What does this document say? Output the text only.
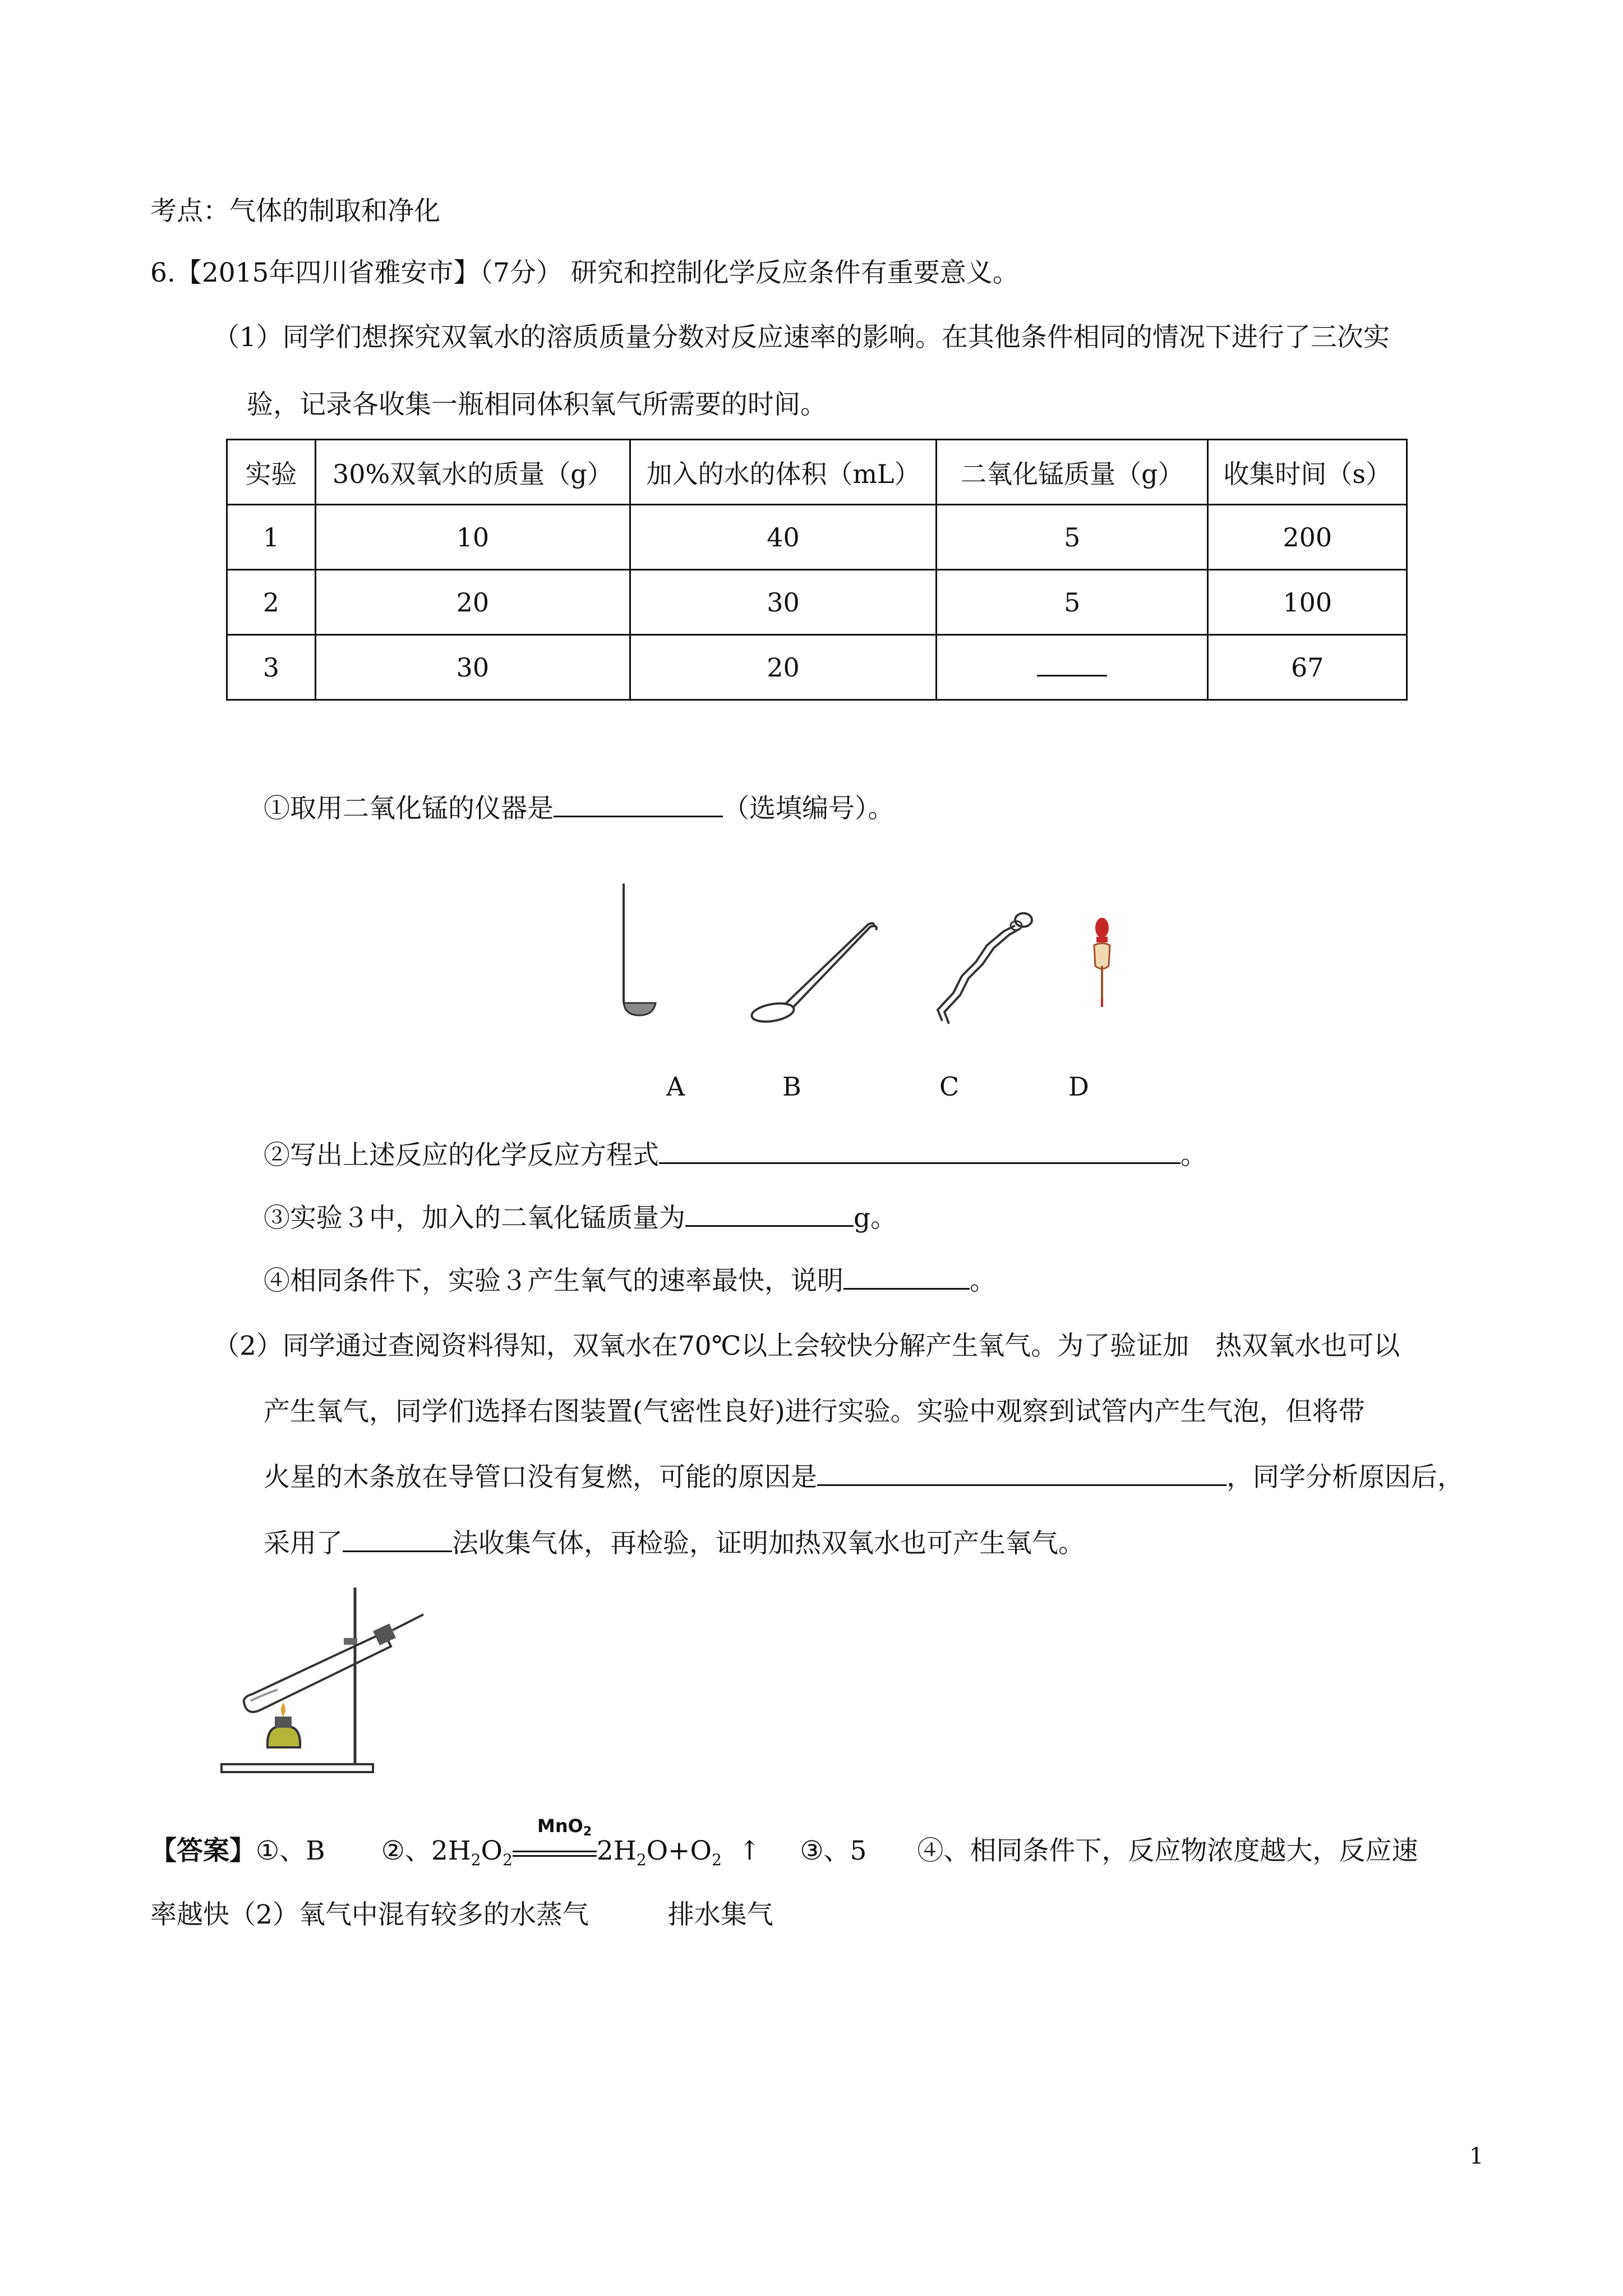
考点：气体的制取和净化
6.【2015年四川省雅安市】（7分） 研究和控制化学反应条件有重要意义。
（1）同学们想探究双氧水的溶质质量分数对反应速率的影响。在其他条件相同的情况下进行了三次实
验，记录各收集一瓶相同体积氧气所需要的时间。
实验	30%双氧水的质量（g）	加入的水的体积（mL）	二氧化锰质量（g）	收集时间（s）
1	10	40	5	200
2	20	30	5	100
3	30	20		67
①取用二氧化锰的仪器是	（选填编号）。
A	B	C	D
②写出上述反应的化学反应方程式	。
③实验３中，加入的二氧化锰质量为	g。
④相同条件下，实验３产生氧气的速率最快，说明	。
（2）同学通过查阅资料得知，双氧水在70℃以上会较快分解产生氧气。为了验证加　热双氧水也可以
产生氧气，同学们选择右图装置(气密性良好)进行实验。实验中观察到试管内产生气泡，但将带
火星的木条放在导管口没有复燃，可能的原因是	，同学分析原因后，
采用了	法收集气体，再检验，证明加热双氧水也可产生氧气。
【答案】①、B ②、$2H_2O_2$	$2H_2O+O_2$ ↑ ③、5 ④、相同条件下，反应物浓度越大，反应速
MnO2
率越快（2）氧气中混有较多的水蒸气　　　排水集气
1
